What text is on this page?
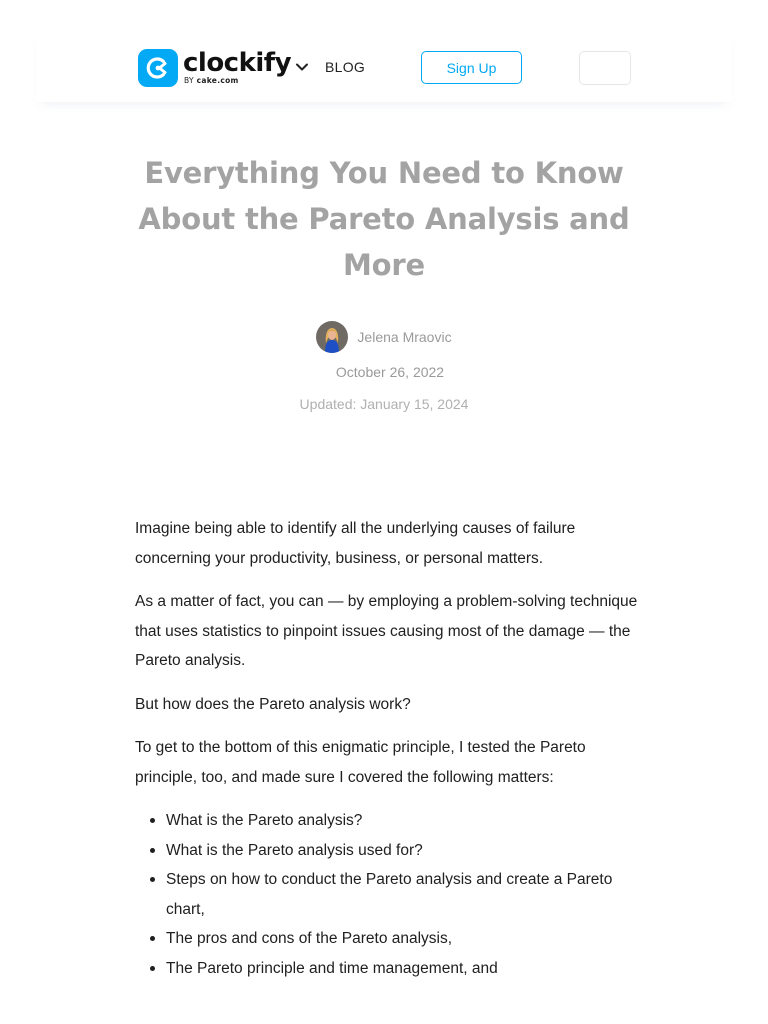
clockify
BY cake.com
BLOG	Sign Up
Everything You Need to Know About the Pareto Analysis and More
Jelena Mraovic
October 26, 2022
Updated: January 15, 2024

Imagine being able to identify all the underlying causes of failure concerning your productivity, business, or personal matters.

As a matter of fact, you can — by employing a problem-solving technique that uses statistics to pinpoint issues causing most of the damage — the Pareto analysis.

But how does the Pareto analysis work?

To get to the bottom of this enigmatic principle, I tested the Pareto principle, too, and made sure I covered the following matters:

What is the Pareto analysis?
What is the Pareto analysis used for?
Steps on how to conduct the Pareto analysis and create a Pareto chart,
The pros and cons of the Pareto analysis,
The Pareto principle and time management, and
